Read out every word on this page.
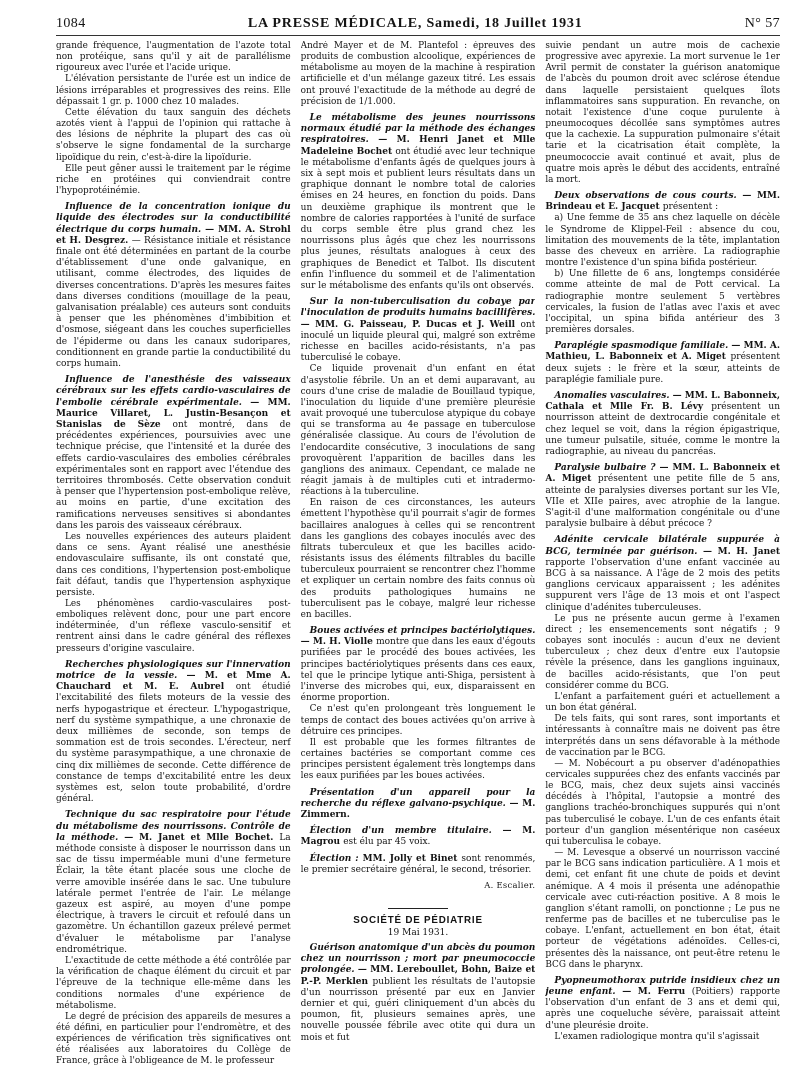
1084	LA PRESSE MÉDICALE, Samedi, 18 Juillet 1931	N° 57

grande fréquence, l'augmentation de l'azote total non protéique, sans qu'il y ait de parallélisme rigoureux avec l'urée et l'acide urique.

L'élévation persistante de l'urée est un indice de lésions irréparables et progressives des reins. Elle dépassait 1 gr. p. 1000 chez 10 malades.

Cette élévation du taux sanguin des déchets azotés vient à l'appui de l'opinion qui rattache à des lésions de néphrite la plupart des cas où s'observe le signe fondamental de la surcharge lipoïdique du rein, c'est-à-dire la lipoïdurie.

Elle peut gêner aussi le traitement par le régime riche en protéines qui conviendrait contre l'hypoprotéinémie.

Influence de la concentration ionique du liquide des électrodes sur la conductibilité électrique du corps humain. — MM. A. Strohl et H. Desgrez. — Résistance initiale et résistance finale ont été déterminées en partant de la courbe d'établissement d'une onde galvanique, en utilisant, comme électrodes, des liquides de diverses concentrations. D'après les mesures faites dans diverses conditions (mouillage de la peau, galvanisation préalable) ces auteurs sont conduits à penser que les phénomènes d'imbibition et d'osmose, siégeant dans les couches superficielles de l'épiderme ou dans les canaux sudoripares, conditionnent en grande partie la conductibilité du corps humain.
Influence de l'anesthésie des vaisseaux cérébraux sur les effets cardio-vasculaires de l'embolie cérébrale expérimentale. — MM. Maurice Villaret, L. Justin-Besançon et Stanislas de Sèze ont montré, dans de précédentes expériences, poursuivies avec une technique précise, que l'intensité et la durée des effets cardio-vasculaires des embolies cérébrales expérimentales sont en rapport avec l'étendue des territoires thrombosés. Cette observation conduit à penser que l'hypertension post-embolique relève, au moins en partie, d'une excitation des ramifications nerveuses sensitives si abondantes dans les parois des vaisseaux cérébraux.

Les nouvelles expériences des auteurs plaident dans ce sens. Ayant réalisé une anesthésie endovasculaire suffisante, ils ont constaté que, dans ces conditions, l'hypertension post-embolique fait défaut, tandis que l'hypertension asphyxique persiste.

Les phénomènes cardio-vasculaires post-emboliques relèvent donc, pour une part encore indéterminée, d'un réflexe vasculo-sensitif et rentrent ainsi dans le cadre général des réflexes presseurs d'origine vasculaire.

Recherches physiologiques sur l'innervation motrice de la vessie. — M. et Mme A. Chauchard et M. E. Aubrel ont étudié l'excitabilité des filets moteurs de la vessie des nerfs hypogastrique et érecteur. L'hypogastrique, nerf du système sympathique, a une chronaxie de deux millièmes de seconde, son temps de sommation est de trois secondes. L'érecteur, nerf du système parasympathique, a une chronaxie de cinq dix millièmes de seconde. Cette différence de constance de temps d'excitabilité entre les deux systèmes est, selon toute probabilité, d'ordre général.
Technique du sac respiratoire pour l'étude du métabolisme des nourrissons. Contrôle de la méthode. — M. Janet et Mlle Bochet. La méthode consiste à disposer le nourrisson dans un sac de tissu imperméable muni d'une fermeture Éclair, la tête étant placée sous une cloche de verre amovible insérée dans le sac. Une tubulure latérale permet l'entrée de l'air. Le mélange gazeux est aspiré, au moyen d'une pompe électrique, à travers le circuit et refoulé dans un gazomètre. Un échantillon gazeux prélevé permet d'évaluer le métabolisme par l'analyse endrométrique.

L'exactitude de cette méthode a été contrôlée par la vérification de chaque élément du circuit et par l'épreuve de la technique elle-même dans les conditions normales d'une expérience de métabolisme.

Le degré de précision des appareils de mesures a été défini, en particulier pour l'endromètre, et des expériences de vérification très significatives ont été réalisées aux laboratoires du Collège de France, grâce à l'obligeance de M. le professeur

André Mayer et de M. Plantefol : épreuves des produits de combustion alcoolique, expériences de métabolisme au moyen de la machine à respiration artificielle et d'un mélange gazeux titré. Les essais ont prouvé l'exactitude de la méthode au degré de précision de 1/1.000.

Le métabolisme des jeunes nourrissons normaux étudié par la méthode des échanges respiratoires. — M. Henri Janet et Mlle Madeleine Bochet ont étudié avec leur technique le métabolisme d'enfants âgés de quelques jours à six à sept mois et publient leurs résultats dans un graphique donnant le nombre total de calories émises en 24 heures, en fonction du poids. Dans un deuxième graphique ils montrent que le nombre de calories rapportées à l'unité de surface du corps semble être plus grand chez les nourrissons plus âgés que chez les nourrissons plus jeunes, résultats analogues à ceux des graphiques de Benedict et Talbot. Ils discutent enfin l'influence du sommeil et de l'alimentation sur le métabolisme des enfants qu'ils ont observés.
Sur la non-tuberculisation du cobaye par l'inoculation de produits humains bacillifères. — MM. G. Paisseau, P. Ducas et J. Weill ont inoculé un liquide pleural qui, malgré son extrême richesse en bacilles acido-résistants, n'a pas tuberculisé le cobaye.

Ce liquide provenait d'un enfant en état d'asystolie fébrile. Un an et demi auparavant, au cours d'une crise de maladie de Bouillaud typique, l'inoculation du liquide d'une première pleurésie avait provoqué une tuberculose atypique du cobaye qui se transforma au 4e passage en tuberculose généralisée classique. Au cours de l'évolution de l'endocardite consécutive, 3 inoculations de sang provoquèrent l'apparition de bacilles dans les ganglions des animaux. Cependant, ce malade ne réagit jamais à de multiples cuti et intradermo-réactions à la tuberculine.

En raison de ces circonstances, les auteurs émettent l'hypothèse qu'il pourrait s'agir de formes bacillaires analogues à celles qui se rencontrent dans les ganglions des cobayes inoculés avec des filtrats tuberculeux et que les bacilles acido-résistants issus des éléments filtrables du bacille tuberculeux pourraient se rencontrer chez l'homme et expliquer un certain nombre des faits connus où des produits pathologiques humains ne tuberculisent pas le cobaye, malgré leur richesse en bacilles.

Boues activées et principes bactériolytiques. — M. H. Violle montre que dans les eaux d'égouts purifiées par le procédé des boues activées, les principes bactériolytiques présents dans ces eaux, tel que le principe lytique anti-Shiga, persistent à l'inverse des microbes qui, eux, disparaissent en énorme proportion.

Ce n'est qu'en prolongeant très longuement le temps de contact des boues activées qu'on arrive à détruire ces principes.

Il est probable que les formes filtrantes de certaines bactéries se comportant comme ces principes persistent également très longtemps dans les eaux purifiées par les boues activées.

Présentation d'un appareil pour la recherche du réflexe galvano-psychique. — M. Zimmern.
Élection d'un membre titulaire. — M. Magrou est élu par 45 voix.
Élection : MM. Jolly et Binet sont renommés, le premier secrétaire général, le second, trésorier.
A. Escalier.
SOCIÉTÉ DE PÉDIATRIE
19 Mai 1931.
Guérison anatomique d'un abcès du poumon chez un nourrisson ; mort par pneumococcie prolongée. — MM. Lereboullet, Bohn, Baize et P.-P. Merklen publient les résultats de l'autopsie d'un nourrisson présenté par eux en Janvier dernier et qui, guéri cliniquement d'un abcès du poumon, fit, plusieurs semaines après, une nouvelle poussée fébrile avec otite qui dura un mois et fut

suivie pendant un autre mois de cachexie progressive avec apyrexie. La mort survenue le 1er Avril permit de constater la guérison anatomique de l'abcès du poumon droit avec sclérose étendue dans laquelle persistaient quelques îlots inflammatoires sans suppuration. En revanche, on notait l'existence d'une coque purulente à pneumocoques décollée sans symptômes autres que la cachexie. La suppuration pulmonaire s'était tarie et la cicatrisation était complète, la pneumococcie avait continué et avait, plus de quatre mois après le début des accidents, entraîné la mort.

Deux observations de cous courts. — MM. Brindeau et E. Jacquet présentent :

a) Une femme de 35 ans chez laquelle on décèle le Syndrome de Klippel-Feil : absence du cou, limitation des mouvements de la tête, implantation basse des cheveux en arrière. La radiographie montre l'existence d'un spina bifida postérieur.

b) Une fillette de 6 ans, longtemps considérée comme atteinte de mal de Pott cervical. La radiographie montre seulement 5 vertèbres cervicales, la fusion de l'atlas avec l'axis et avec l'occipital, un spina bifida antérieur des 3 premières dorsales.

Paraplégie spasmodique familiale. — MM. A. Mathieu, L. Babonneix et A. Miget présentent deux sujets : le frère et la sœur, atteints de paraplégie familiale pure.
Anomalies vasculaires. — MM. L. Babonneix, Cathala et Mlle Fr. B. Lévy présentent un nourrisson atteint de dextrocardie congénitale et chez lequel se voit, dans la région épigastrique, une tumeur pulsatile, située, comme le montre la radiographie, au niveau du pancréas.
Paralysie bulbaire ? — MM. L. Babonneix et A. Miget présentent une petite fille de 5 ans, atteinte de paralysies diverses portant sur les VIe, VIIe et XIIe paires, avec atrophie de la langue. S'agit-il d'une malformation congénitale ou d'une paralysie bulbaire à début précoce ?
Adénite cervicale bilatérale suppurée à BCG, terminée par guérison. — M. H. Janet rapporte l'observation d'une enfant vaccinée au BCG à sa naissance. A l'âge de 2 mois des petits ganglions cervicaux apparaissent ; les adénites suppurent vers l'âge de 13 mois et ont l'aspect clinique d'adénites tuberculeuses.

Le pus ne présente aucun germe à l'examen direct ; les ensemencements sont négatifs ; 9 cobayes sont inoculés : aucun d'eux ne devient tuberculeux ; chez deux d'entre eux l'autopsie révèle la présence, dans les ganglions inguinaux, de bacilles acido-résistants, que l'on peut considérer comme du BCG.

L'enfant a parfaitement guéri et actuellement a un bon état général.

De tels faits, qui sont rares, sont importants et intéressants à connaître mais ne doivent pas être interprétés dans un sens défavorable à la méthode de vaccination par le BCG.

— M. Nobécourt a pu observer d'adénopathies cervicales suppurées chez des enfants vaccinés par le BCG, mais, chez deux sujets ainsi vaccinés décédés à l'hôpital, l'autopsie a montré des ganglions trachéo-bronchiques suppurés qui n'ont pas tuberculisé le cobaye. L'un de ces enfants était porteur d'un ganglion mésentérique non caséeux qui tuberculisa le cobaye.

— M. Levesque a observé un nourrisson vacciné par le BCG sans indication particulière. A 1 mois et demi, cet enfant fit une chute de poids et devint anémique. A 4 mois il présenta une adénopathie cervicale avec cuti-réaction positive. A 8 mois le ganglion s'étant ramolli, on ponctionne ; Le pus ne renferme pas de bacilles et ne tuberculise pas le cobaye. L'enfant, actuellement en bon état, était porteur de végétations adénoïdes. Celles-ci, présentes dès la naissance, ont peut-être retenu le BCG dans le pharynx.

Pyopneumothorax putride insidieux chez un jeune enfant. — M. Ferru (Poitiers) rapporte l'observation d'un enfant de 3 ans et demi qui, après une coqueluche sévère, paraissait atteint d'une pleurésie droite.

L'examen radiologique montra qu'il s'agissait
